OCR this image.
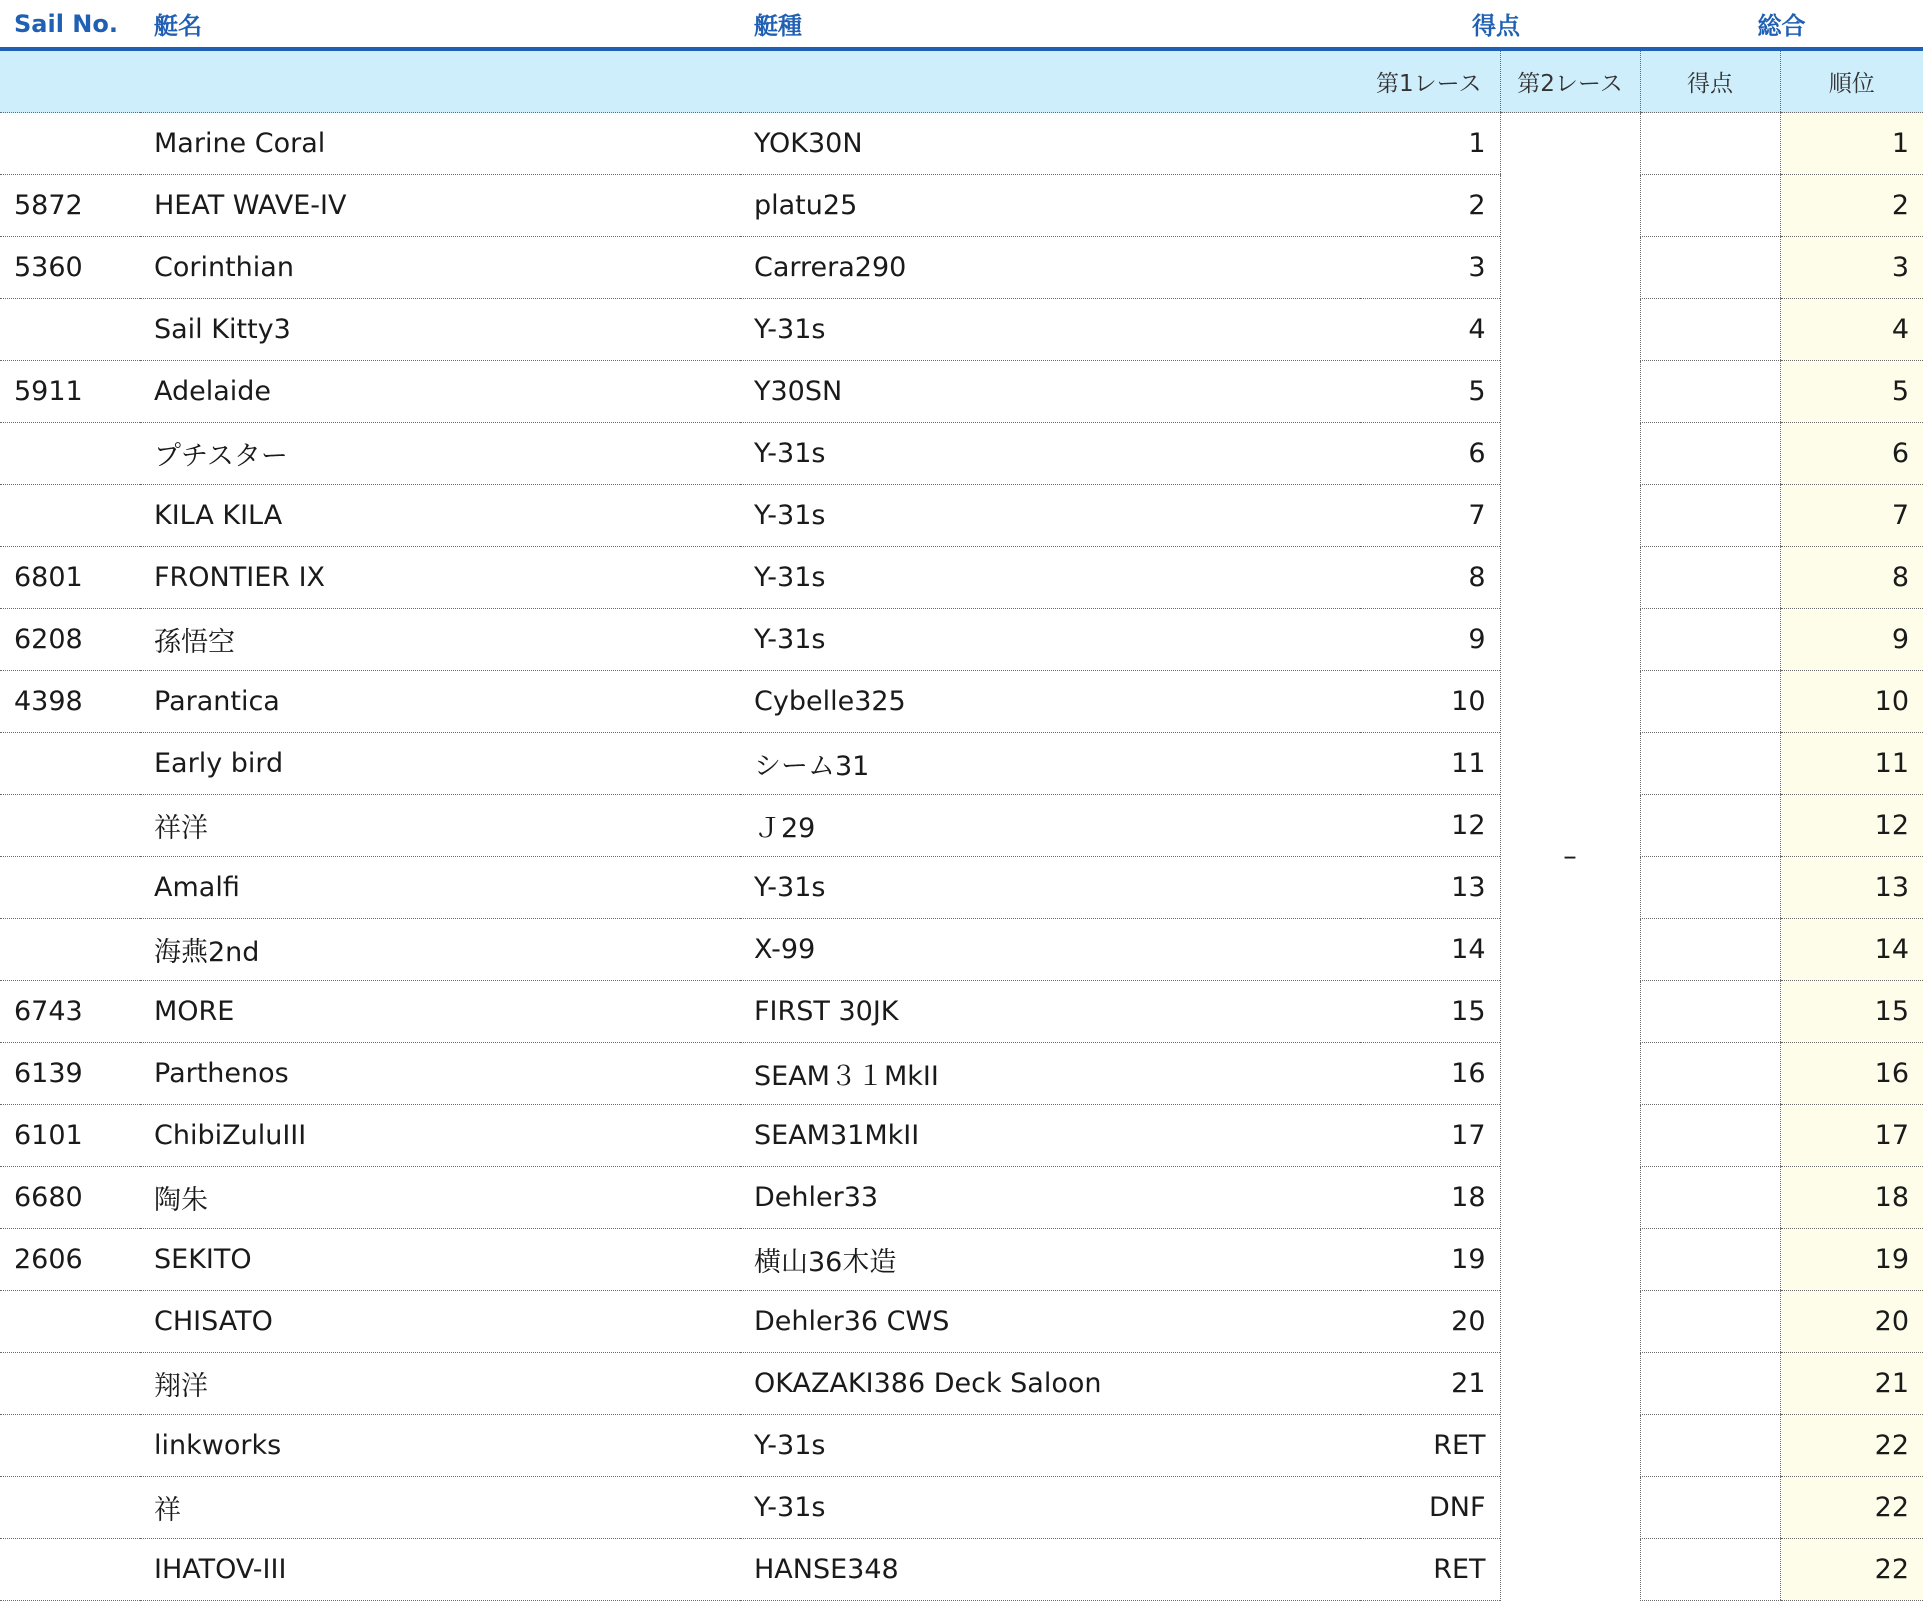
Sail No.	艇名	艇種	得点		総合	
			第1レース	第2レース	得点	順位
	Marine Coral	YOK30N	1	–		1
5872	HEAT WAVE-IV	platu25	2			2
5360	Corinthian	Carrera290	3			3
	Sail Kitty3	Y-31s	4			4
5911	Adelaide	Y30SN	5			5
	プチスター	Y-31s	6			6
	KILA KILA	Y-31s	7			7
6801	FRONTIER IX	Y-31s	8			8
6208	孫悟空	Y-31s	9			9
4398	Parantica	Cybelle325	10			10
	Early bird	シーム31	11			11
	祥洋	Ｊ29	12			12
	Amalfi	Y-31s	13			13
	海燕2nd	X-99	14			14
6743	MORE	FIRST 30JK	15			15
6139	Parthenos	SEAM３１MkII	16			16
6101	ChibiZuluIII	SEAM31MkII	17			17
6680	陶朱	Dehler33	18			18
2606	SEKITO	横山36木造	19			19
	CHISATO	Dehler36 CWS	20			20
	翔洋	OKAZAKI386 Deck Saloon	21			21
	linkworks	Y-31s	RET			22
	祥	Y-31s	DNF			22
	IHATOV-III	HANSE348	RET			22
